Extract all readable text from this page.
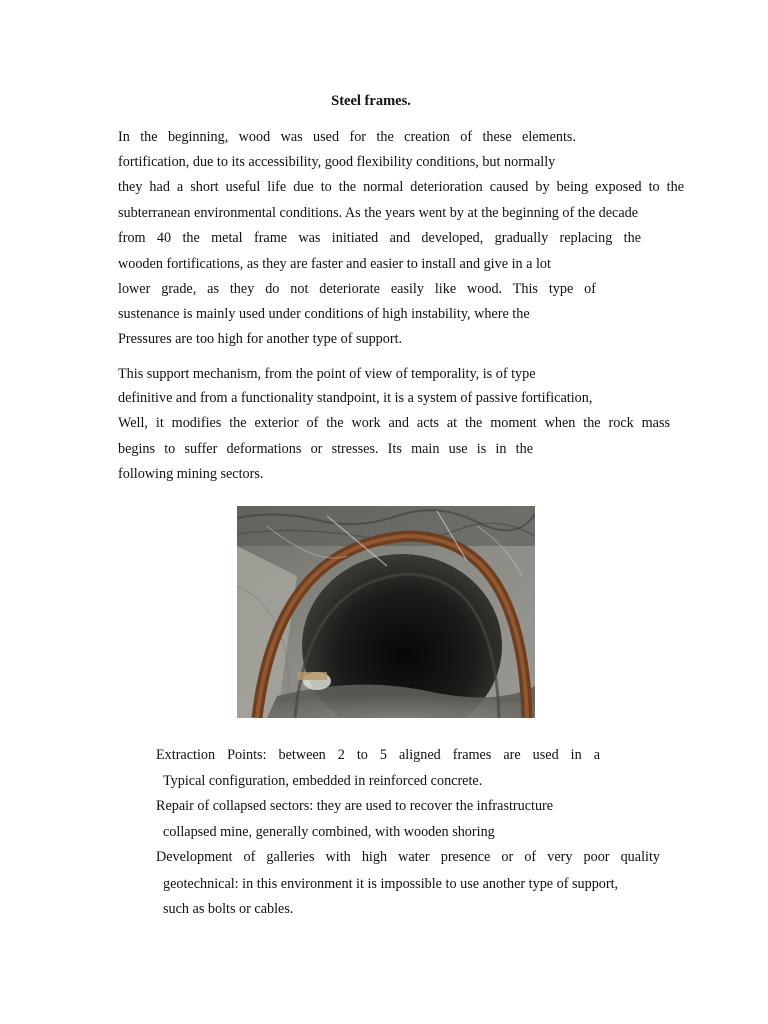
Steel frames.
In the beginning, wood was used for the creation of these elements.
fortification, due to its accessibility, good flexibility conditions, but normally
they had a short useful life due to the normal deterioration caused by being exposed to the
subterranean environmental conditions. As the years went by at the beginning of the decade
from 40 the metal frame was initiated and developed, gradually replacing the
wooden fortifications, as they are faster and easier to install and give in a lot
lower grade, as they do not deteriorate easily like wood. This type of
sustenance is mainly used under conditions of high instability, where the
Pressures are too high for another type of support.
This support mechanism, from the point of view of temporality, is of type
definitive and from a functionality standpoint, it is a system of passive fortification,
Well, it modifies the exterior of the work and acts at the moment when the rock mass
begins to suffer deformations or stresses. Its main use is in the
following mining sectors.
Extraction Points: between 2 to 5 aligned frames are used in a
Typical configuration, embedded in reinforced concrete.
Repair of collapsed sectors: they are used to recover the infrastructure
collapsed mine, generally combined, with wooden shoring
Development of galleries with high water presence or of very poor quality
geotechnical: in this environment it is impossible to use another type of support,
such as bolts or cables.
